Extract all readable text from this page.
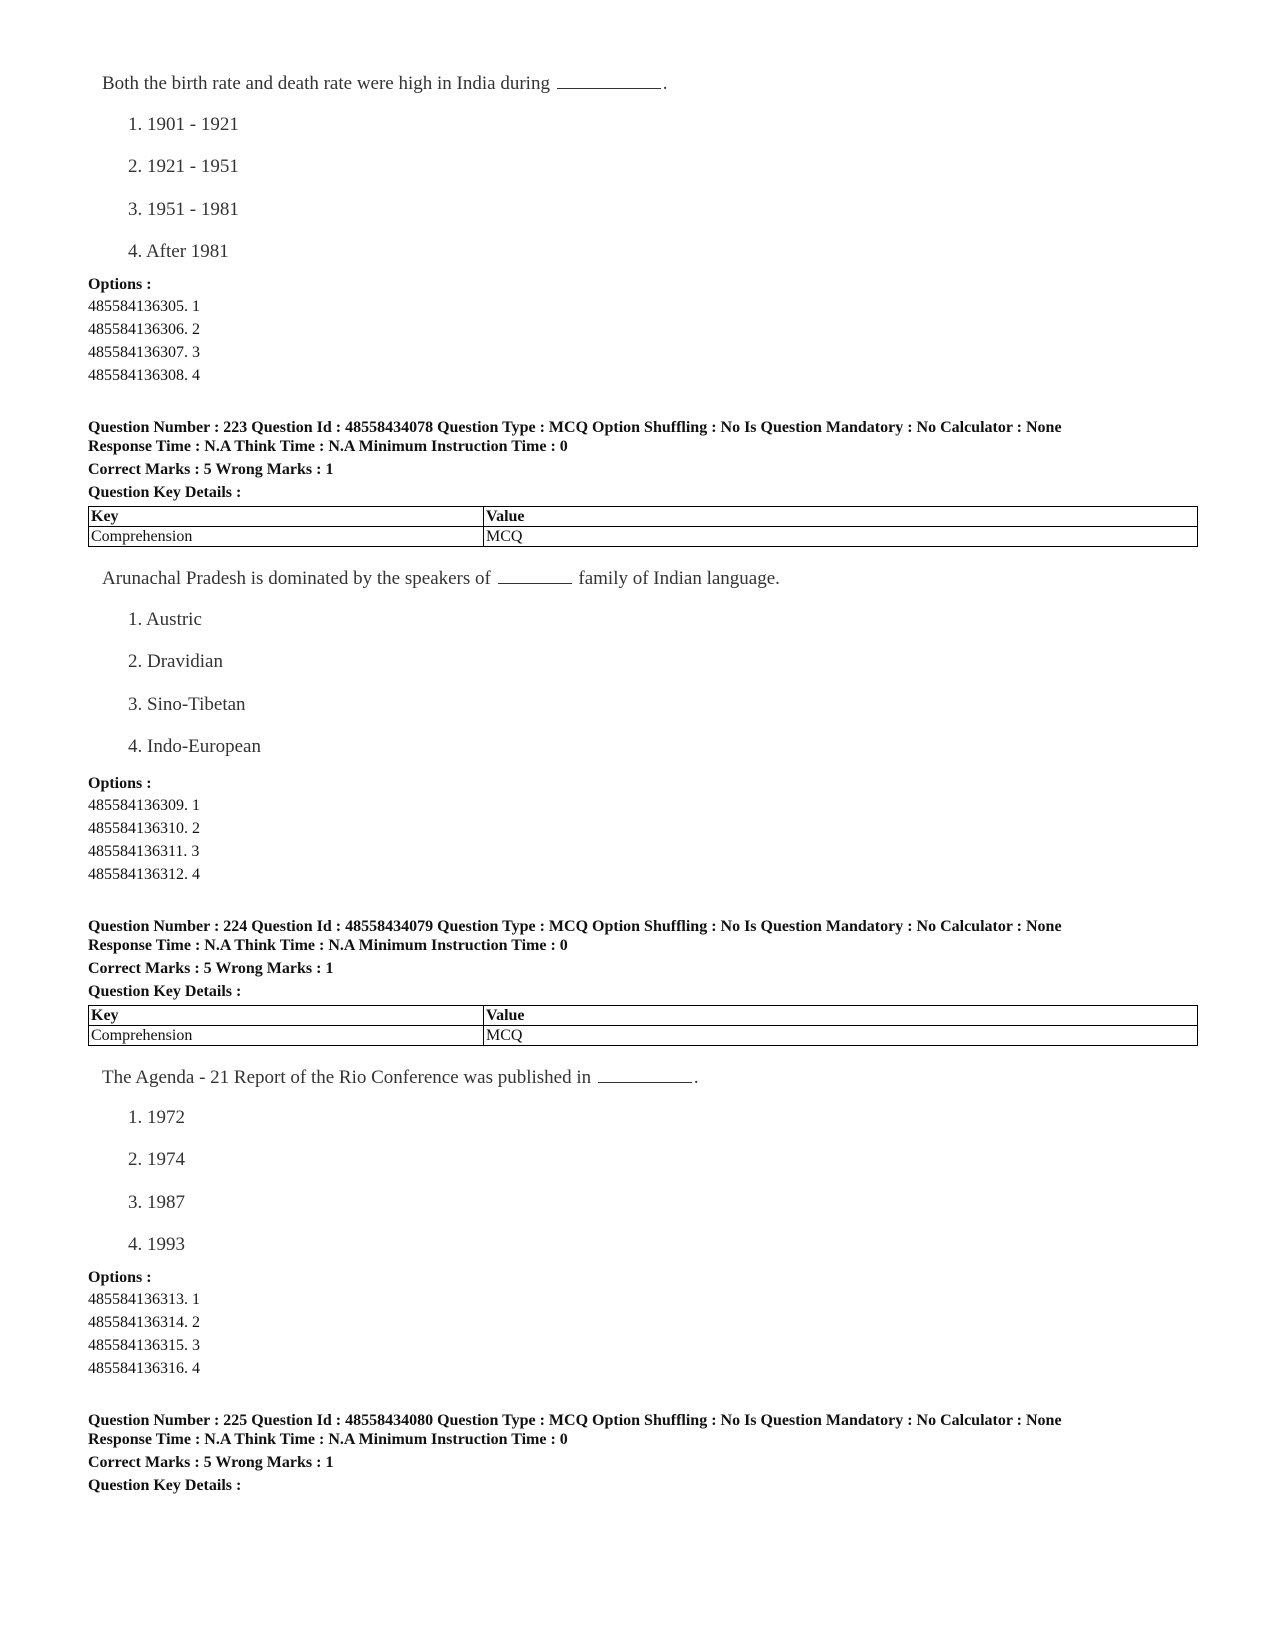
Both the birth rate and death rate were high in India during	.
1. 1901 - 1921
2. 1921 - 1951
3. 1951 - 1981
4. After 1981
Options :
485584136305. 1
485584136306. 2
485584136307. 3
485584136308. 4
Question Number : 223 Question Id : 48558434078 Question Type : MCQ Option Shuffling : No Is Question Mandatory : No Calculator : None
Response Time : N.A Think Time : N.A Minimum Instruction Time : 0
Correct Marks : 5 Wrong Marks : 1
Question Key Details :
Key	Value
Comprehension	MCQ
Arunachal Pradesh is dominated by the speakers of	family of Indian language.
1. Austric
2. Dravidian
3. Sino-Tibetan
4. Indo-European
Options :
485584136309. 1
485584136310. 2
485584136311. 3
485584136312. 4
Question Number : 224 Question Id : 48558434079 Question Type : MCQ Option Shuffling : No Is Question Mandatory : No Calculator : None
Response Time : N.A Think Time : N.A Minimum Instruction Time : 0
Correct Marks : 5 Wrong Marks : 1
Question Key Details :
Key	Value
Comprehension	MCQ
The Agenda - 21 Report of the Rio Conference was published in	.
1. 1972
2. 1974
3. 1987
4. 1993
Options :
485584136313. 1
485584136314. 2
485584136315. 3
485584136316. 4
Question Number : 225 Question Id : 48558434080 Question Type : MCQ Option Shuffling : No Is Question Mandatory : No Calculator : None
Response Time : N.A Think Time : N.A Minimum Instruction Time : 0
Correct Marks : 5 Wrong Marks : 1
Question Key Details :
